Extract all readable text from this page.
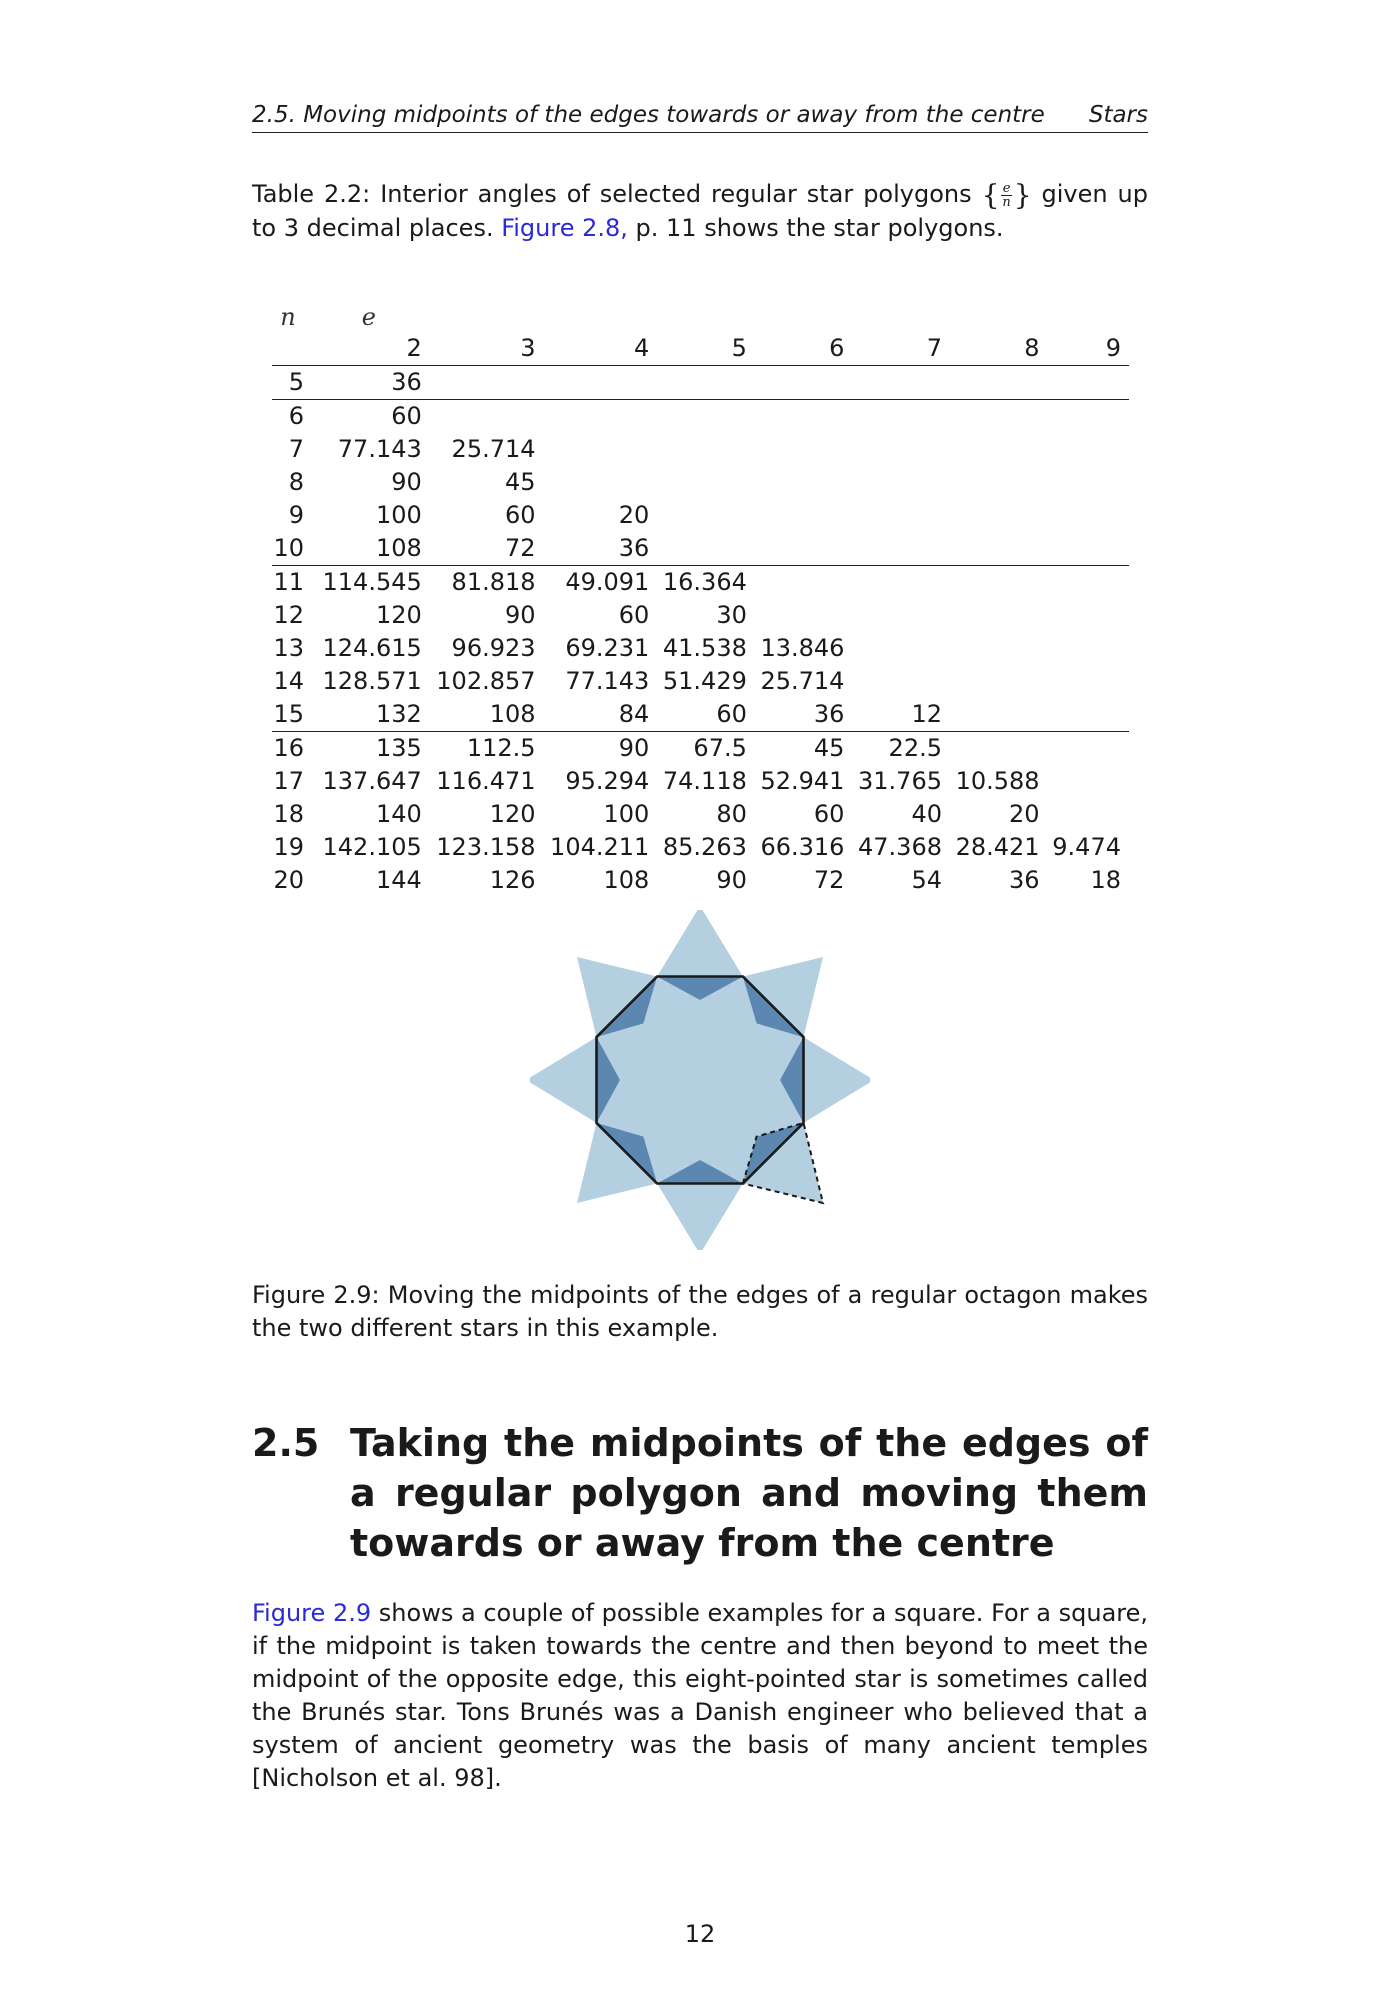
2.5. Moving midpoints of the edges towards or away from the centre Stars

Table 2.2: Interior angles of selected regular star polygons { $\frac{e}{n}$ } given up to 3 decimal places. Figure 2.8, p. 11 shows the star polygons.

n	e							
	2	3	4	5	6	7	8	9
5	36							
6	60							
7	77.143	25.714						
8	90	45						
9	100	60	20					
10	108	72	36					
11	114.545	81.818	49.091	16.364				
12	120	90	60	30				
13	124.615	96.923	69.231	41.538	13.846			
14	128.571	102.857	77.143	51.429	25.714			
15	132	108	84	60	36	12		
16	135	112.5	90	67.5	45	22.5		
17	137.647	116.471	95.294	74.118	52.941	31.765	10.588	
18	140	120	100	80	60	40	20	
19	142.105	123.158	104.211	85.263	66.316	47.368	28.421	9.474
20	144	126	108	90	72	54	36	18

Figure 2.9: Moving the midpoints of the edges of a regular octagon makes the two different stars in this example.

2.5 Taking the midpoints of the edges of a regular polygon and moving them towards or away from the centre

Figure 2.9 shows a couple of possible examples for a square. For a square, if the midpoint is taken towards the centre and then beyond to meet the midpoint of the opposite edge, this eight-pointed star is sometimes called the Brunés star. Tons Brunés was a Danish engineer who believed that a system of ancient geometry was the basis of many ancient temples [Nicholson et al. 98].

12
